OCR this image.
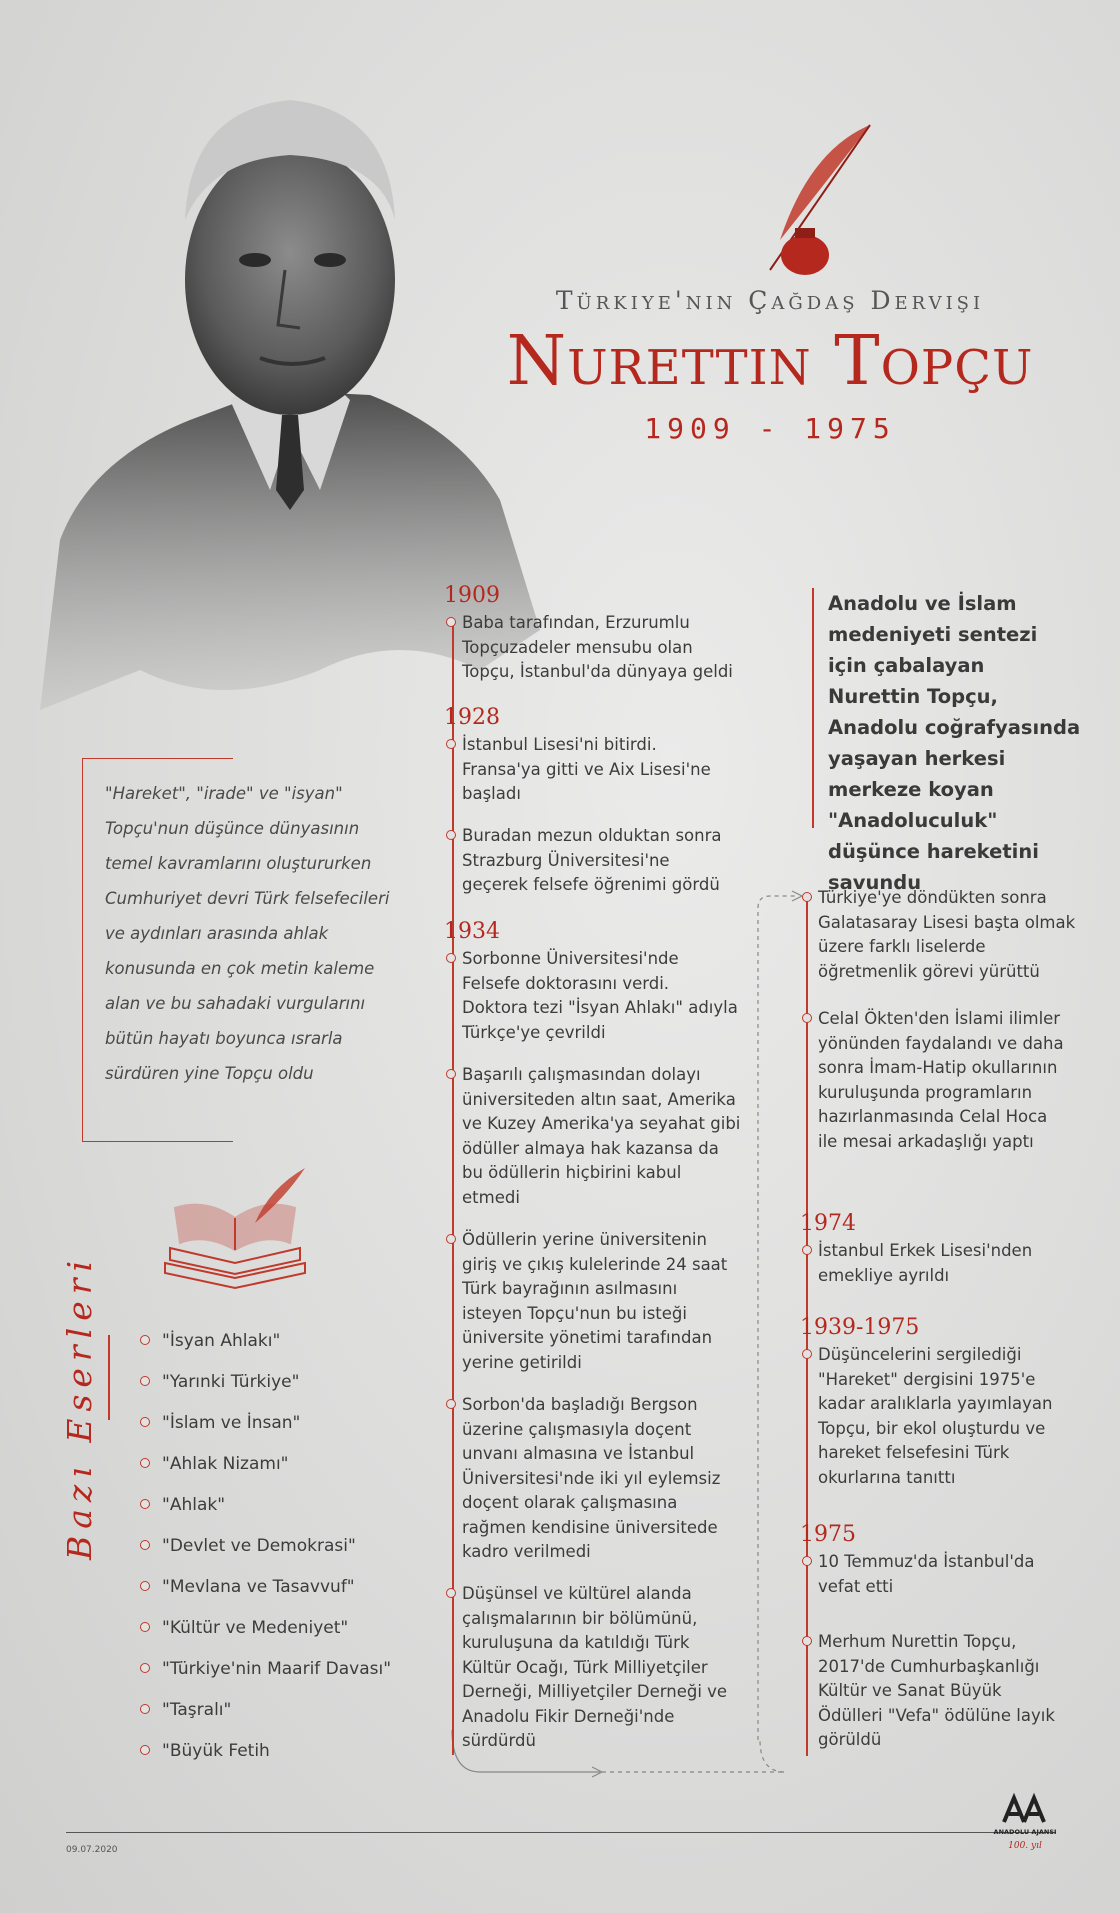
Türkiye'nin Çağdaş Dervişi
Nurettin Topçu
1909 - 1975
"Hareket", "irade" ve "isyan" Topçu'nun düşünce dünyasının temel kavramlarını oluştururken Cumhuriyet devri Türk felsefecileri ve aydınları arasında ahlak konusunda en çok metin kaleme alan ve bu sahadaki vurgularını bütün hayatı boyunca ısrarla sürdüren yine Topçu oldu
Bazı Eserleri	"İsyan Ahlakı"
"Yarınki Türkiye"
"İslam ve İnsan"
"Ahlak Nizamı"
"Ahlak"
"Devlet ve Demokrasi"
"Mevlana ve Tasavvuf"
"Kültür ve Medeniyet"
"Türkiye'nin Maarif Davası"
"Taşralı"
"Büyük Fetih
1909
Baba tarafından, Erzurumlu Topçuzadeler mensubu olan Topçu, İstanbul'da dünyaya geldi
1928
İstanbul Lisesi'ni bitirdi. Fransa'ya gitti ve Aix Lisesi'ne başladı
Buradan mezun olduktan sonra Strazburg Üniversitesi'ne geçerek felsefe öğrenimi gördü
1934
Sorbonne Üniversitesi'nde Felsefe doktorasını verdi. Doktora tezi "İsyan Ahlakı" adıyla Türkçe'ye çevrildi
Başarılı çalışmasından dolayı üniversiteden altın saat, Amerika ve Kuzey Amerika'ya seyahat gibi ödüller almaya hak kazansa da bu ödüllerin hiçbirini kabul etmedi
Ödüllerin yerine üniversitenin giriş ve çıkış kulelerinde 24 saat Türk bayrağının asılmasını isteyen Topçu'nun bu isteği üniversite yönetimi tarafından yerine getirildi
Sorbon'da başladığı Bergson üzerine çalışmasıyla doçent unvanı almasına ve İstanbul Üniversitesi'nde iki yıl eylemsiz doçent olarak çalışmasına rağmen kendisine üniversitede kadro verilmedi
Düşünsel ve kültürel alanda çalışmalarının bir bölümünü, kuruluşuna da katıldığı Türk Kültür Ocağı, Türk Milliyetçiler Derneği, Milliyetçiler Derneği ve Anadolu Fikir Derneği'nde sürdürdü
Anadolu ve İslam medeniyeti sentezi için çabalayan Nurettin Topçu, Anadolu coğrafyasında yaşayan herkesi merkeze koyan "Anadoluculuk" düşünce hareketini savundu
Türkiye'ye döndükten sonra Galatasaray Lisesi başta olmak üzere farklı liselerde öğretmenlik görevi yürüttü
Celal Ökten'den İslami ilimler yönünden faydalandı ve daha sonra İmam-Hatip okullarının kuruluşunda programların hazırlanmasında Celal Hoca ile mesai arkadaşlığı yaptı
1974
İstanbul Erkek Lisesi'nden emekliye ayrıldı
1939-1975
Düşüncelerini sergilediği "Hareket" dergisini 1975'e kadar aralıklarla yayımlayan Topçu, bir ekol oluşturdu ve hareket felsefesini Türk okurlarına tanıttı
1975
10 Temmuz'da İstanbul'da vefat etti
Merhum Nurettin Topçu, 2017'de Cumhurbaşkanlığı Kültür ve Sanat Büyük Ödülleri "Vefa" ödülüne layık görüldü
09.07.2020
ANADOLU AJANSI
100. yıl
